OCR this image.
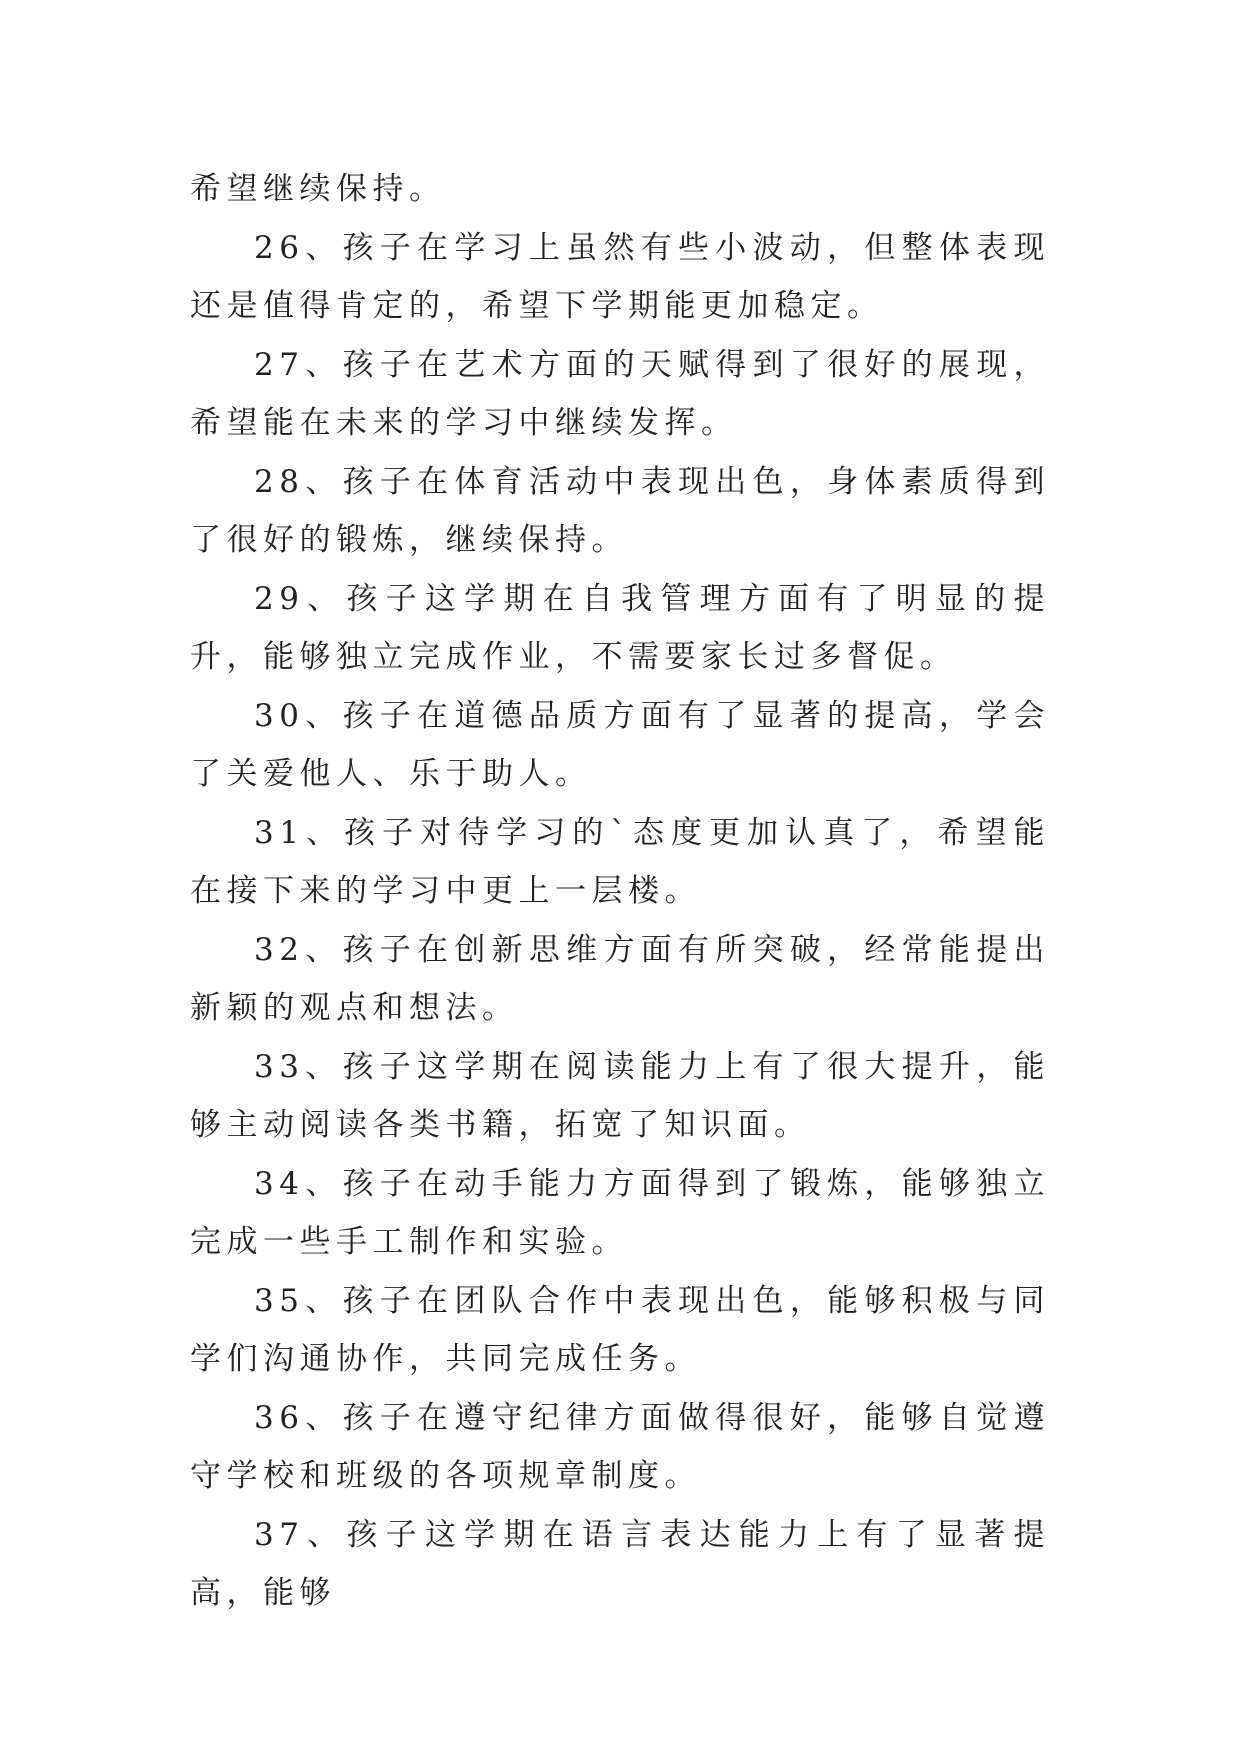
希望继续保持。

26、孩子在学习上虽然有些小波动，但整体表现还是值得肯定的，希望下学期能更加稳定。

27、孩子在艺术方面的天赋得到了很好的展现，希望能在未来的学习中继续发挥。

28、孩子在体育活动中表现出色，身体素质得到了很好的锻炼，继续保持。

29、孩子这学期在自我管理方面有了明显的提升，能够独立完成作业，不需要家长过多督促。

30、孩子在道德品质方面有了显著的提高，学会了关爱他人、乐于助人。

31、孩子对待学习的`态度更加认真了，希望能在接下来的学习中更上一层楼。

32、孩子在创新思维方面有所突破，经常能提出新颖的观点和想法。

33、孩子这学期在阅读能力上有了很大提升，能够主动阅读各类书籍，拓宽了知识面。

34、孩子在动手能力方面得到了锻炼，能够独立完成一些手工制作和实验。

35、孩子在团队合作中表现出色，能够积极与同学们沟通协作，共同完成任务。

36、孩子在遵守纪律方面做得很好，能够自觉遵守学校和班级的各项规章制度。

37、孩子这学期在语言表达能力上有了显著提高，能够
